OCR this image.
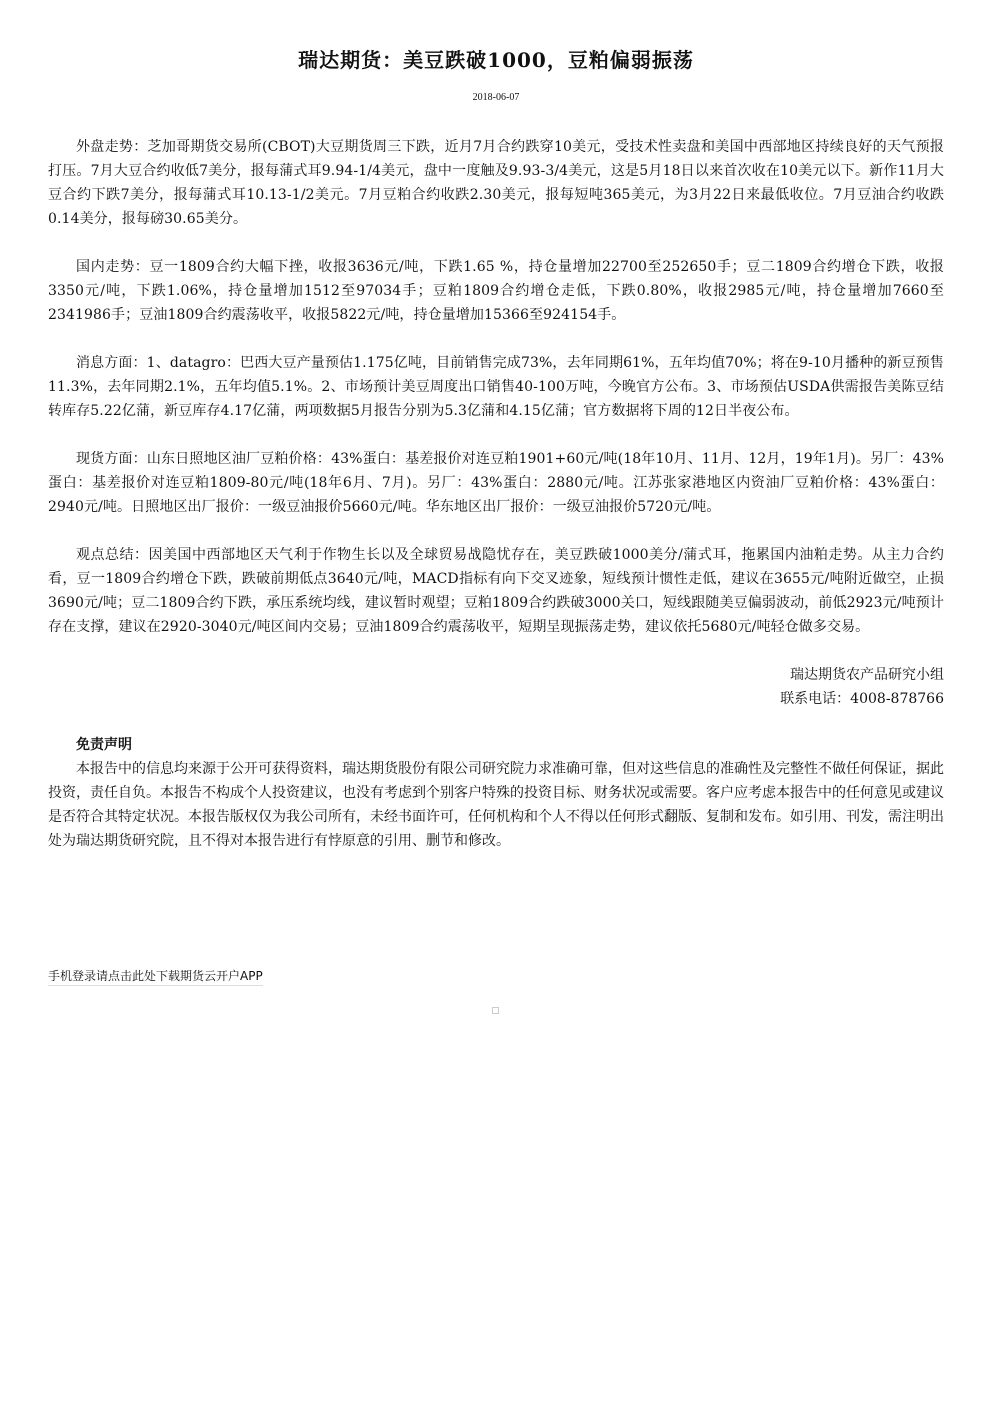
瑞达期货：美豆跌破1000，豆粕偏弱振荡
2018-06-07

外盘走势：芝加哥期货交易所(CBOT)大豆期货周三下跌，近月7月合约跌穿10美元，受技术性卖盘和美国中西部地区持续良好的天气预报打压。7月大豆合约收低7美分，报每蒲式耳9.94-1/4美元，盘中一度触及9.93-3/4美元，这是5月18日以来首次收在10美元以下。新作11月大豆合约下跌7美分，报每蒲式耳10.13-1/2美元。7月豆粕合约收跌2.30美元，报每短吨365美元，为3月22日来最低收位。7月豆油合约收跌0.14美分，报每磅30.65美分。

国内走势：豆一1809合约大幅下挫，收报3636元/吨，下跌1.65 %，持仓量增加22700至252650手；豆二1809合约增仓下跌，收报3350元/吨，下跌1.06%，持仓量增加1512至97034手；豆粕1809合约增仓走低，下跌0.80%，收报2985元/吨，持仓量增加7660至2341986手；豆油1809合约震荡收平，收报5822元/吨，持仓量增加15366至924154手。

消息方面：1、datagro：巴西大豆产量预估1.175亿吨，目前销售完成73%，去年同期61%，五年均值70%；将在9-10月播种的新豆预售11.3%，去年同期2.1%，五年均值5.1%。2、市场预计美豆周度出口销售40-100万吨，今晚官方公布。3、市场预估USDA供需报告美陈豆结转库存5.22亿蒲，新豆库存4.17亿蒲，两项数据5月报告分别为5.3亿蒲和4.15亿蒲；官方数据将下周的12日半夜公布。

现货方面：山东日照地区油厂豆粕价格：43%蛋白：基差报价对连豆粕1901+60元/吨(18年10月、11月、12月，19年1月)。另厂：43%蛋白：基差报价对连豆粕1809-80元/吨(18年6月、7月)。另厂：43%蛋白：2880元/吨。江苏张家港地区内资油厂豆粕价格：43%蛋白：2940元/吨。日照地区出厂报价：一级豆油报价5660元/吨。华东地区出厂报价：一级豆油报价5720元/吨。

观点总结：因美国中西部地区天气利于作物生长以及全球贸易战隐忧存在，美豆跌破1000美分/蒲式耳，拖累国内油粕走势。从主力合约看，豆一1809合约增仓下跌，跌破前期低点3640元/吨，MACD指标有向下交叉迹象，短线预计惯性走低，建议在3655元/吨附近做空，止损3690元/吨；豆二1809合约下跌，承压系统均线，建议暂时观望；豆粕1809合约跌破3000关口，短线跟随美豆偏弱波动，前低2923元/吨预计存在支撑，建议在2920-3040元/吨区间内交易；豆油1809合约震荡收平，短期呈现振荡走势，建议依托5680元/吨轻仓做多交易。

瑞达期货农产品研究小组
联系电话：4008-878766
免责声明
本报告中的信息均来源于公开可获得资料，瑞达期货股份有限公司研究院力求准确可靠，但对这些信息的准确性及完整性不做任何保证，据此投资，责任自负。本报告不构成个人投资建议，也没有考虑到个别客户特殊的投资目标、财务状况或需要。客户应考虑本报告中的任何意见或建议是否符合其特定状况。本报告版权仅为我公司所有，未经书面许可，任何机构和个人不得以任何形式翻版、复制和发布。如引用、刊发，需注明出处为瑞达期货研究院，且不得对本报告进行有悖原意的引用、删节和修改。
手机登录请点击此处下载期货云开户APP
